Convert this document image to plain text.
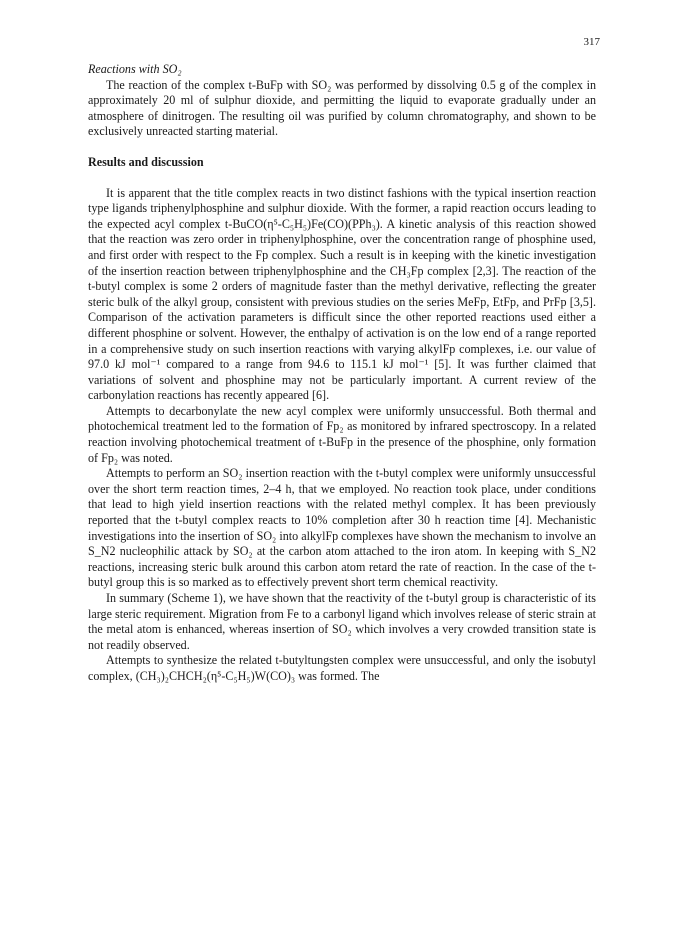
317
Reactions with SO₂

The reaction of the complex t-BuFp with SO₂ was performed by dissolving 0.5 g of the complex in approximately 20 ml of sulphur dioxide, and permitting the liquid to evaporate gradually under an atmosphere of dinitrogen. The resulting oil was purified by column chromatography, and shown to be exclusively unreacted starting material.

Results and discussion

It is apparent that the title complex reacts in two distinct fashions with the typical insertion reaction type ligands triphenylphosphine and sulphur dioxide. With the former, a rapid reaction occurs leading to the expected acyl complex t-BuCO(η⁵-C₅H₅)Fe(CO)(PPh₃). A kinetic analysis of this reaction showed that the reaction was zero order in triphenylphosphine, over the concentration range of phosphine used, and first order with respect to the Fp complex. Such a result is in keeping with the kinetic investigation of the insertion reaction between triphenylphosphine and the CH₃Fp complex [2,3]. The reaction of the t-butyl complex is some 2 orders of magnitude faster than the methyl derivative, reflecting the greater steric bulk of the alkyl group, consistent with previous studies on the series MeFp, EtFp, and PrFp [3,5]. Comparison of the activation parameters is difficult since the other reported reactions used either a different phosphine or solvent. However, the enthalpy of activation is on the low end of a range reported in a comprehensive study on such insertion reactions with varying alkylFp complexes, i.e. our value of 97.0 kJ mol⁻¹ compared to a range from 94.6 to 115.1 kJ mol⁻¹ [5]. It was further claimed that variations of solvent and phosphine may not be particularly important. A current review of the carbonylation reactions has recently appeared [6].

Attempts to decarbonylate the new acyl complex were uniformly unsuccessful. Both thermal and photochemical treatment led to the formation of Fp₂ as monitored by infrared spectroscopy. In a related reaction involving photochemical treatment of t-BuFp in the presence of the phosphine, only formation of Fp₂ was noted.

Attempts to perform an SO₂ insertion reaction with the t-butyl complex were uniformly unsuccessful over the short term reaction times, 2–4 h, that we employed. No reaction took place, under conditions that lead to high yield insertion reactions with the related methyl complex. It has been previously reported that the t-butyl complex reacts to 10% completion after 30 h reaction time [4]. Mechanistic investigations into the insertion of SO₂ into alkylFp complexes have shown the mechanism to involve an S_N2 nucleophilic attack by SO₂ at the carbon atom attached to the iron atom. In keeping with S_N2 reactions, increasing steric bulk around this carbon atom retard the rate of reaction. In the case of the t-butyl group this is so marked as to effectively prevent short term chemical reactivity.

In summary (Scheme 1), we have shown that the reactivity of the t-butyl group is characteristic of its large steric requirement. Migration from Fe to a carbonyl ligand which involves release of steric strain at the metal atom is enhanced, whereas insertion of SO₂ which involves a very crowded transition state is not readily observed.

Attempts to synthesize the related t-butyltungsten complex were unsuccessful, and only the isobutyl complex, (CH₃)₂CHCH₂(η⁵-C₅H₅)W(CO)₃ was formed. The
